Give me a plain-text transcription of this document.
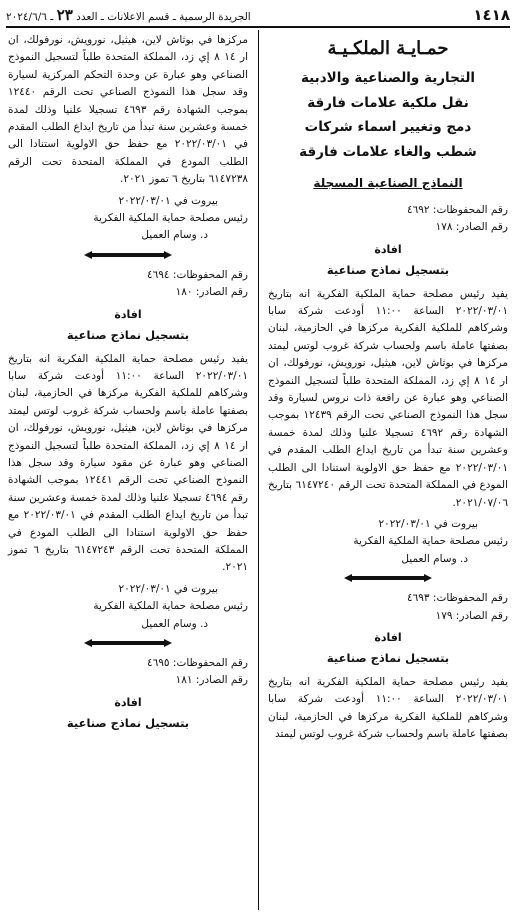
١٤١٨
الجريدة الرسمية ـ قسم الاعلانات ـ العدد ٢٣ ـ ٢٠٢٤/٦/٦
حمـايـة الملكـيـة
التجارية والصناعية والادبية
نقل ملكية علامات فارقة
دمج وتغيير اسماء شركات
شطب والغاء علامات فارقة
النماذج الصناعية المسجلة

رقم المحفوظات: ٤٦٩٢

رقم الصادر: ١٧٨

افادة
بتسجيل نماذج صناعية

يفيد رئيس مصلحة حماية الملكية الفكرية انه بتاريخ ٢٠٢٢/٠٣/٠١ الساعة ١١:٠٠ أودعت شركة سابا وشركاهم للملكية الفكرية مركزها في الحازمية، لبنان بصفتها عاملة باسم ولحساب شركة غروب لوتس ليمتد مركزها في بوثاش لاين، هيثيل، نورويش، نورفولك، ان ار ١٤ ٨ إي زد، المملكة المتحدة طلباً لتسجيل النموذج الصناعي وهو عبارة عن رافعة ذات نروس لسيارة وقد سجل هذا النموذج الصناعي تحت الرقم ١٢٤٣٩ بموجب الشهادة رقم ٤٦٩٢ تسجيلا علنيا وذلك لمدة خمسة وعشرين سنة تبدأ من تاريخ ايداع الطلب المقدم في ٢٠٢٢/٠٣/٠١ مع حفظ حق الاولوية استنادا الى الطلب المودع في المملكة المتحدة تحت الرقم ٦١٤٧٢٤٠ بتاريخ ٢٠٢١/٠٧/٠٦.

بيروت في ٢٠٢٢/٠٣/٠١

رئيس مصلحة حماية الملكية الفكرية

د. وسام العميل

رقم المحفوظات: ٤٦٩٣

رقم الصادر: ١٧٩

افادة
بتسجيل نماذج صناعية

يفيد رئيس مصلحة حماية الملكية الفكرية انه بتاريخ ٢٠٢٢/٠٣/٠١ الساعة ١١:٠٠ أودعت شركة سابا وشركاهم للملكية الفكرية مركزها في الحازمية، لبنان بصفتها عاملة باسم ولحساب شركة غروب لوتس ليمتد

مركزها في بوثاش لاين، هيثيل، نورويش، نورفولك، ان ار ١٤ ٨ إي زد، المملكة المتحدة طلباً لتسجيل النموذج الصناعي وهو عبارة عن وحدة التحكم المركزية لسيارة وقد سجل هذا النموذج الصناعي تحت الرقم ١٢٤٤٠ بموجب الشهادة رقم ٤٦٩٣ تسجيلا علنيا وذلك لمدة خمسة وعشرين سنة تبدأ من تاريخ ايداع الطلب المقدم في ٢٠٢٢/٠٣/٠١ مع حفظ حق الاولوية استنادا الى الطلب المودع في المملكة المتحدة تحت الرقم ٦١٤٧٢٣٨ بتاريخ ٦ تموز ٢٠٢١.

بيروت في ٢٠٢٢/٠٣/٠١

رئيس مصلحة حماية الملكية الفكرية

د. وسام العميل

رقم المحفوظات: ٤٦٩٤

رقم الصادر: ١٨٠

افادة
بتسجيل نماذج صناعية

يفيد رئيس مصلحة حماية الملكية الفكرية انه بتاريخ ٢٠٢٢/٠٣/٠١ الساعة ١١:٠٠ أودعت شركة سابا وشركاهم للملكية الفكرية مركزها في الحازمية، لبنان بصفتها عاملة باسم ولحساب شركة غروب لوتس ليمتد مركزها في بوثاش لاين، هيثيل، نورويش، نورفولك، ان ار ١٤ ٨ إي زد، المملكة المتحدة طلباً لتسجيل النموذج الصناعي وهو عبارة عن مقود سيارة وقد سجل هذا النموذج الصناعي تحت الرقم ١٢٤٤١ بموجب الشهادة رقم ٤٦٩٤ تسجيلا علنيا وذلك لمدة خمسة وعشرين سنة تبدأ من تاريخ ايداع الطلب المقدم في ٢٠٢٢/٠٣/٠١ مع حفظ حق الاولوية استنادا الى الطلب المودع في المملكة المتحدة تحت الرقم ٦١٤٧٢٤٣ بتاريخ ٦ تموز ٢٠٢١.

بيروت في ٢٠٢٢/٠٣/٠١

رئيس مصلحة حماية الملكية الفكرية

د. وسام العميل

رقم المحفوظات: ٤٦٩٥

رقم الصادر: ١٨١

افادة
بتسجيل نماذج صناعية
